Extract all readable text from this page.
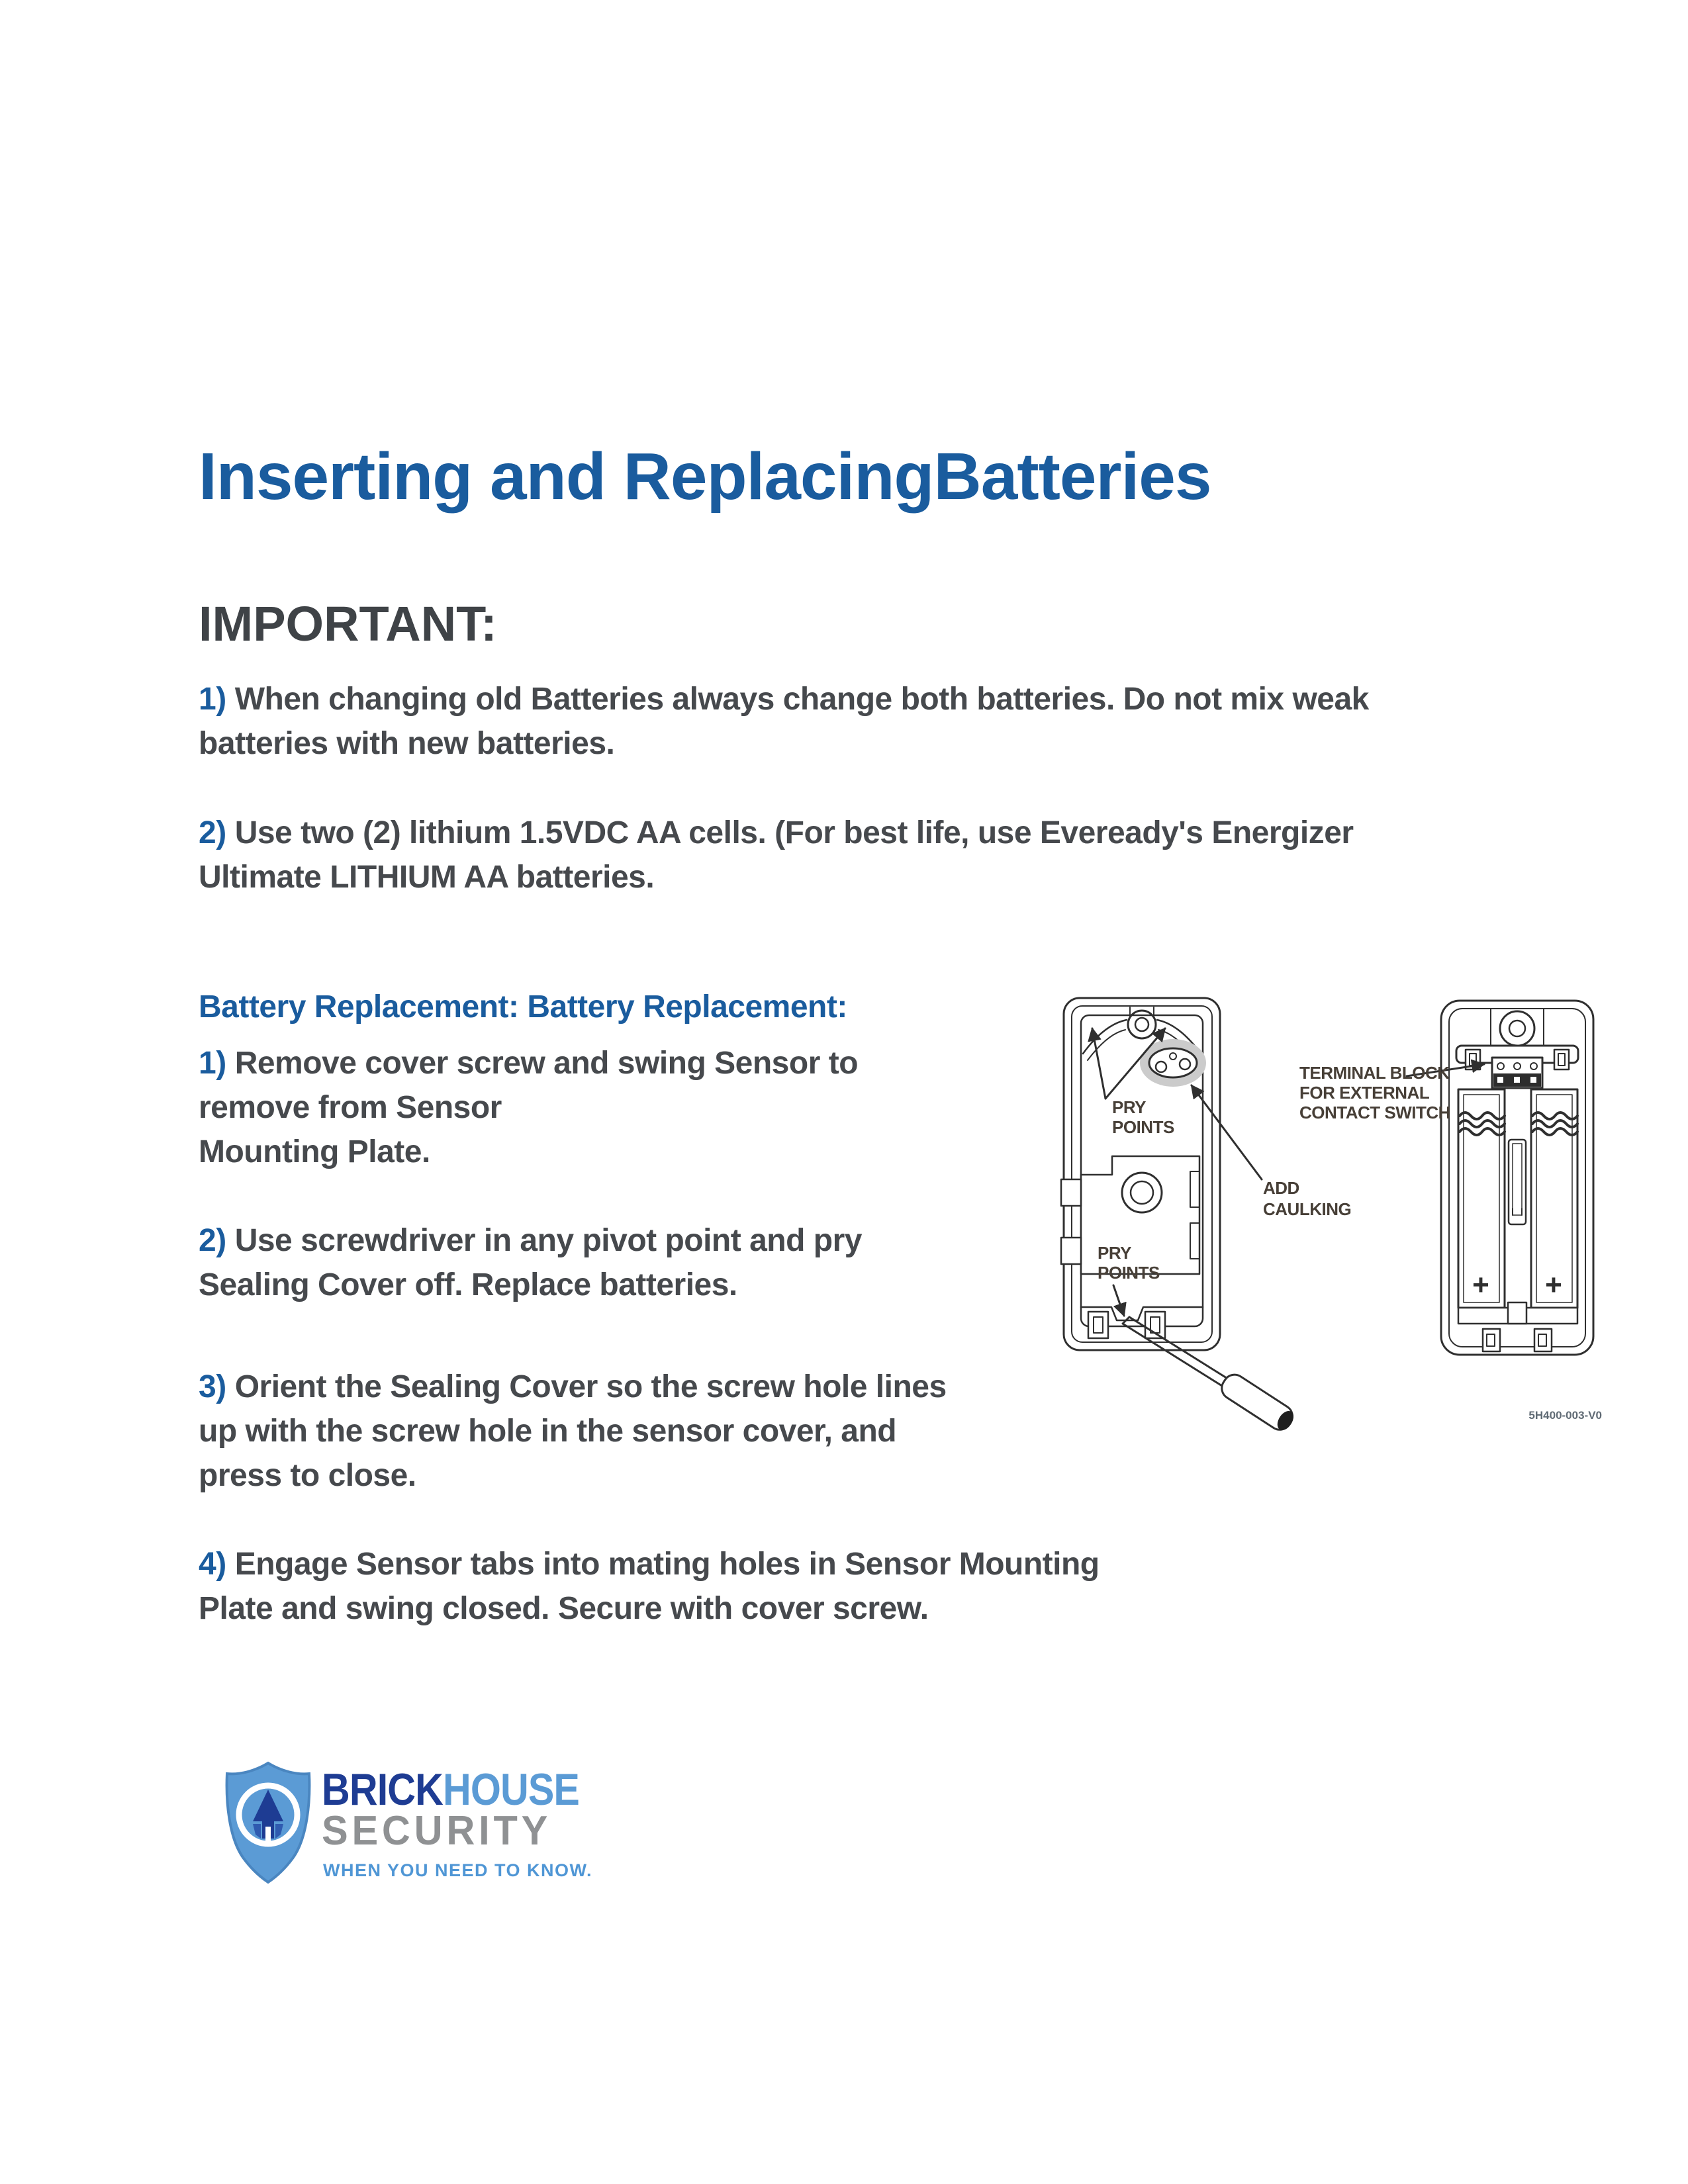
Inserting and ReplacingBatteries
IMPORTANT:
1) When changing old Batteries always change both batteries. Do not mix weak
batteries with new batteries.
2) Use two (2) lithium 1.5VDC AA cells. (For best life, use Eveready's Energizer
Ultimate LITHIUM AA batteries.
Battery Replacement: Battery Replacement:
1) Remove cover screw and swing Sensor to
remove from Sensor
Mounting Plate.
2) Use screwdriver in any pivot point and pry
Sealing Cover off. Replace batteries.
3) Orient the Sealing Cover so the screw hole lines
up with the screw hole in the sensor cover, and
press to close.
4) Engage Sensor tabs into mating holes in Sensor Mounting
Plate and swing closed. Secure with cover screw.
PRY
POINTS
PRY
POINTS
ADD
CAULKING
TERMINAL BLOCK
FOR EXTERNAL
CONTACT SWITCH
+ +
5H400-003-V0
BRICKHOUSE
SECURITY
WHEN YOU NEED TO KNOW.
